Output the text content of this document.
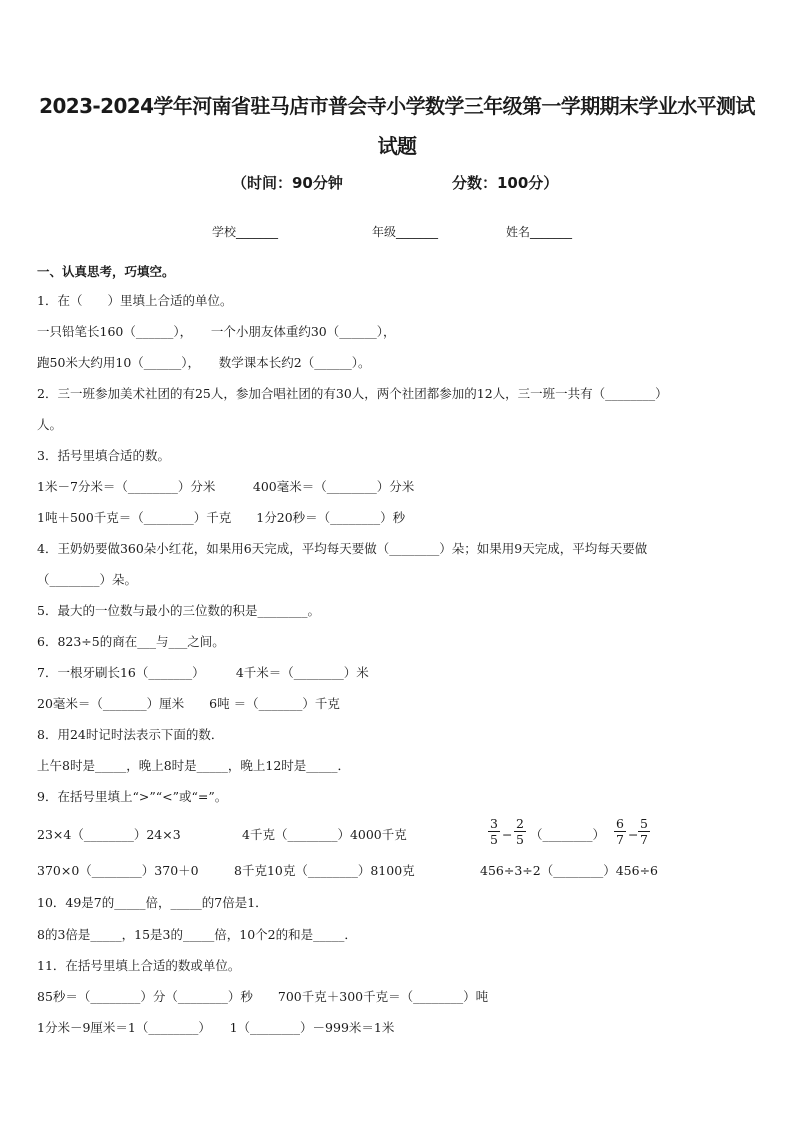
2023-2024学年河南省驻马店市普会寺小学数学三年级第一学期期末学业水平测试试题
（时间：90分钟	分数：100分）
学校_______	年级_______	姓名_______
一、认真思考，巧填空。
1．在（　　）里填上合适的单位。
一只铅笔长160（______），　　一个小朋友体重约30（______），
跑50米大约用10（______），　　数学课本长约2（______）。
2．三一班参加美术社团的有25人，参加合唱社团的有30人，两个社团都参加的12人，三一班一共有（________）
人。
3．括号里填合适的数。
1米－7分米＝（________）分米　　　400毫米＝（________）分米
1吨＋500千克＝（________）千克　　1分20秒＝（________）秒
4．王奶奶要做360朵小红花，如果用6天完成，平均每天要做（________）朵；如果用9天完成，平均每天要做
（________）朵。
5．最大的一位数与最小的三位数的积是________。
6．823÷5的商在___与___之间。
7．一根牙刷长16（_______）　　　4千米＝（________）米
20毫米＝（_______）厘米　　6吨 ＝（_______）千克
8．用24时记时法表示下面的数．
上午8时是_____，晚上8时是_____，晚上12时是_____．
9．在括号里填上“>”“<”或“=”。
23×4（________）24×3	4千克（________）4000千克	$\frac{3}{5} - \frac{2}{5}$ （________） $\frac{6}{7} - \frac{5}{7}$
370×0（________）370＋0	8千克10克（________）8100克	456÷3÷2（________）456÷6
10．49是7的_____倍，_____的7倍是1．
8的3倍是_____，15是3的_____倍，10个2的和是_____．
11．在括号里填上合适的数或单位。
85秒＝（________）分（________）秒　　700千克＋300千克＝（________）吨
1分米－9厘米＝1（________）　　1（________）－999米＝1米
